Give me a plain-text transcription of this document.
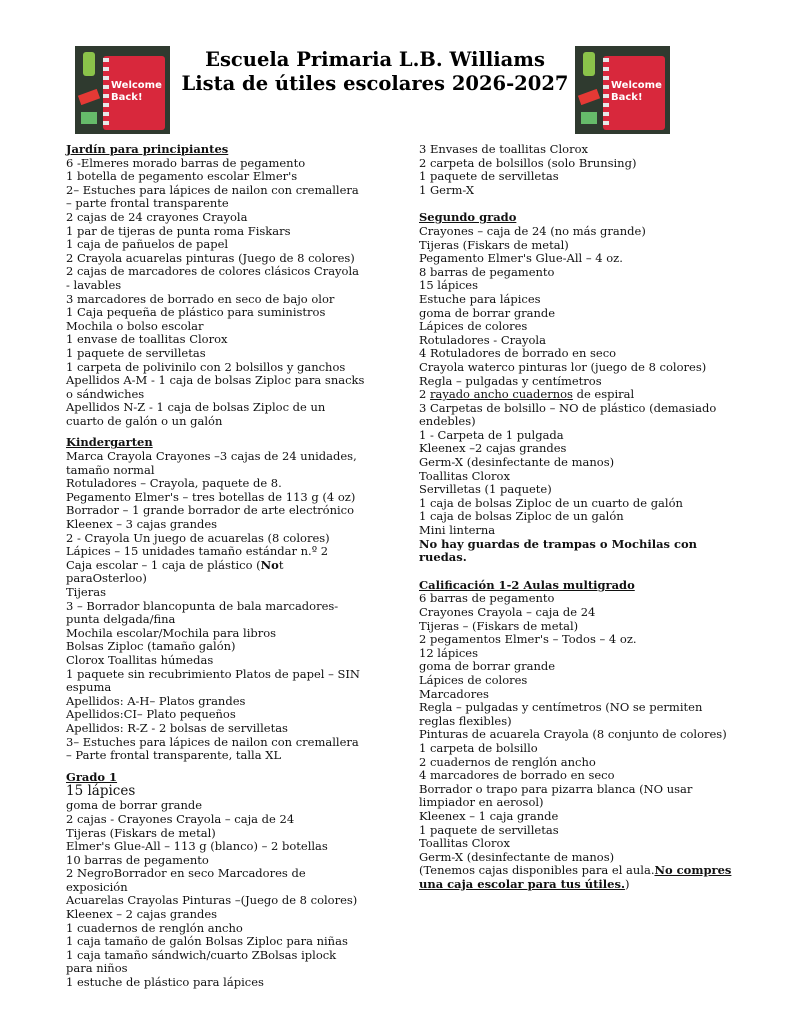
Welcome
Back!
Escuela Primaria L.B. Williams
Lista de útiles escolares 2026-2027	Welcome
Back!
Jardín para principiantes
6 -Elmeres morado barras de pegamento
1 botella de pegamento escolar Elmer's
2– Estuches para lápices de nailon con cremallera – parte frontal transparente
2 cajas de 24 crayones Crayola
1 par de tijeras de punta roma Fiskars
1 caja de pañuelos de papel
2 Crayola acuarelas pinturas (Juego de 8 colores)
2 cajas de marcadores de colores clásicos Crayola - lavables
3 marcadores de borrado en seco de bajo olor
1 Caja pequeña de plástico para suministros
Mochila o bolso escolar
1 envase de toallitas Clorox
1 paquete de servilletas
1 carpeta de polivinilo con 2 bolsillos y ganchos
Apellidos A-M - 1 caja de bolsas Ziploc para snacks o sándwiches
Apellidos N-Z - 1 caja de bolsas Ziploc de un cuarto de galón o un galón
Kindergarten
Marca Crayola Crayones –3 cajas de 24 unidades, tamaño normal
Rotuladores – Crayola, paquete de 8.
Pegamento Elmer's – tres botellas de 113 g (4 oz)
Borrador – 1 grande borrador de arte electrónico
Kleenex – 3 cajas grandes
2 - Crayola Un juego de acuarelas (8 colores)
Lápices – 15 unidades tamaño estándar n.º 2
Caja escolar – 1 caja de plástico (Not paraOsterloo)
Tijeras
3 – Borrador blancopunta de bala marcadores- punta delgada/fina
Mochila escolar/Mochila para libros
Bolsas Ziploc (tamaño galón)
Clorox Toallitas húmedas
1 paquete sin recubrimiento Platos de papel – SIN espuma
Apellidos: A-H– Platos grandes
Apellidos:CI– Plato pequeños
Apellidos: R-Z - 2 bolsas de servilletas
3– Estuches para lápices de nailon con cremallera – Parte frontal transparente, talla XL
Grado 1
15 lápices
goma de borrar grande
2 cajas - Crayones Crayola – caja de 24
Tijeras (Fiskars de metal)
Elmer's Glue-All – 113 g (blanco) – 2 botellas
10 barras de pegamento
2 NegroBorrador en seco Marcadores de exposición
Acuarelas Crayolas Pinturas –(Juego de 8 colores)
Kleenex – 2 cajas grandes
1 cuadernos de renglón ancho
1 caja tamaño de galón Bolsas Ziploc para niñas
1 caja tamaño sándwich/cuarto ZBolsas iplock para niños
1 estuche de plástico para lápices
3 Envases de toallitas Clorox
2 carpeta de bolsillos (solo Brunsing)
1 paquete de servilletas
1 Germ-X
Segundo grado
Crayones – caja de 24 (no más grande)
Tijeras (Fiskars de metal)
Pegamento Elmer's Glue-All – 4 oz.
8 barras de pegamento
15 lápices
Estuche para lápices
goma de borrar grande
Lápices de colores
Rotuladores - Crayola
4 Rotuladores de borrado en seco
Crayola waterco pinturas lor (juego de 8 colores)
Regla – pulgadas y centímetros
2 rayado ancho cuadernos de espiral
3 Carpetas de bolsillo – NO de plástico (demasiado endebles)
1 - Carpeta de 1 pulgada
Kleenex –2 cajas grandes
Germ-X (desinfectante de manos)
Toallitas Clorox
Servilletas (1 paquete)
1 caja de bolsas Ziploc de un cuarto de galón
1 caja de bolsas Ziploc de un galón
Mini linterna
No hay guardas de trampas o Mochilas con ruedas.
Calificación 1-2 Aulas multigrado
6 barras de pegamento
Crayones Crayola – caja de 24
Tijeras – (Fiskars de metal)
2 pegamentos Elmer's – Todos – 4 oz.
12 lápices
goma de borrar grande
Lápices de colores
Marcadores
Regla – pulgadas y centímetros (NO se permiten reglas flexibles)
Pinturas de acuarela Crayola (8 conjunto de colores)
1 carpeta de bolsillo
2 cuadernos de renglón ancho
4 marcadores de borrado en seco
Borrador o trapo para pizarra blanca (NO usar limpiador en aerosol)
Kleenex – 1 caja grande
1 paquete de servilletas
Toallitas Clorox
Germ-X (desinfectante de manos)
(Tenemos cajas disponibles para el aula.No compres una caja escolar para tus útiles.)
